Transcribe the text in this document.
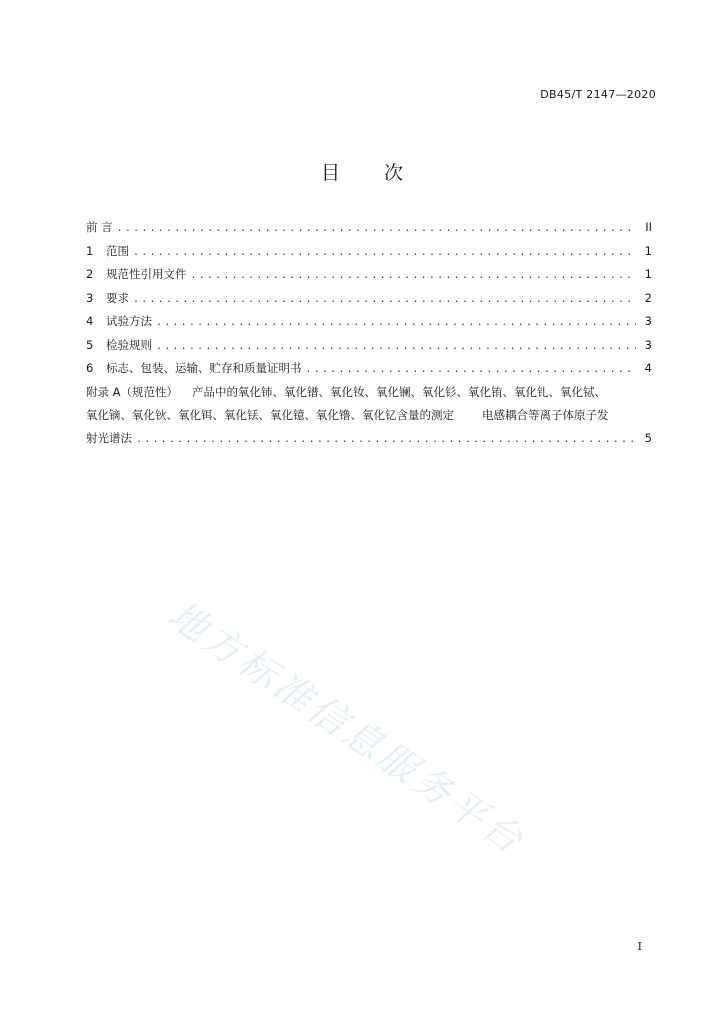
DB45/T 2147—2020
目 次
前 言 .....	II
1	范围 .....	1
2	规范性引用文件 .....	1
3	要求 .....	2
4	试验方法 .....	3
5	检验规则 .....	3
6	标志、包装、运输、贮存和质量证明书 .....	4
附录 A（规范性） 产品中的氧化铈、氧化镨、氧化钕、氧化镧、氧化钐、氧化铕、氧化钆、氧化铽、
氧化镝、氧化钬、氧化铒、氧化铥、氧化镱、氧化镥、氧化钇含量的测定 电感耦合等离子体原子发
射光谱法 .....	5
地方标准信息服务平台
I
